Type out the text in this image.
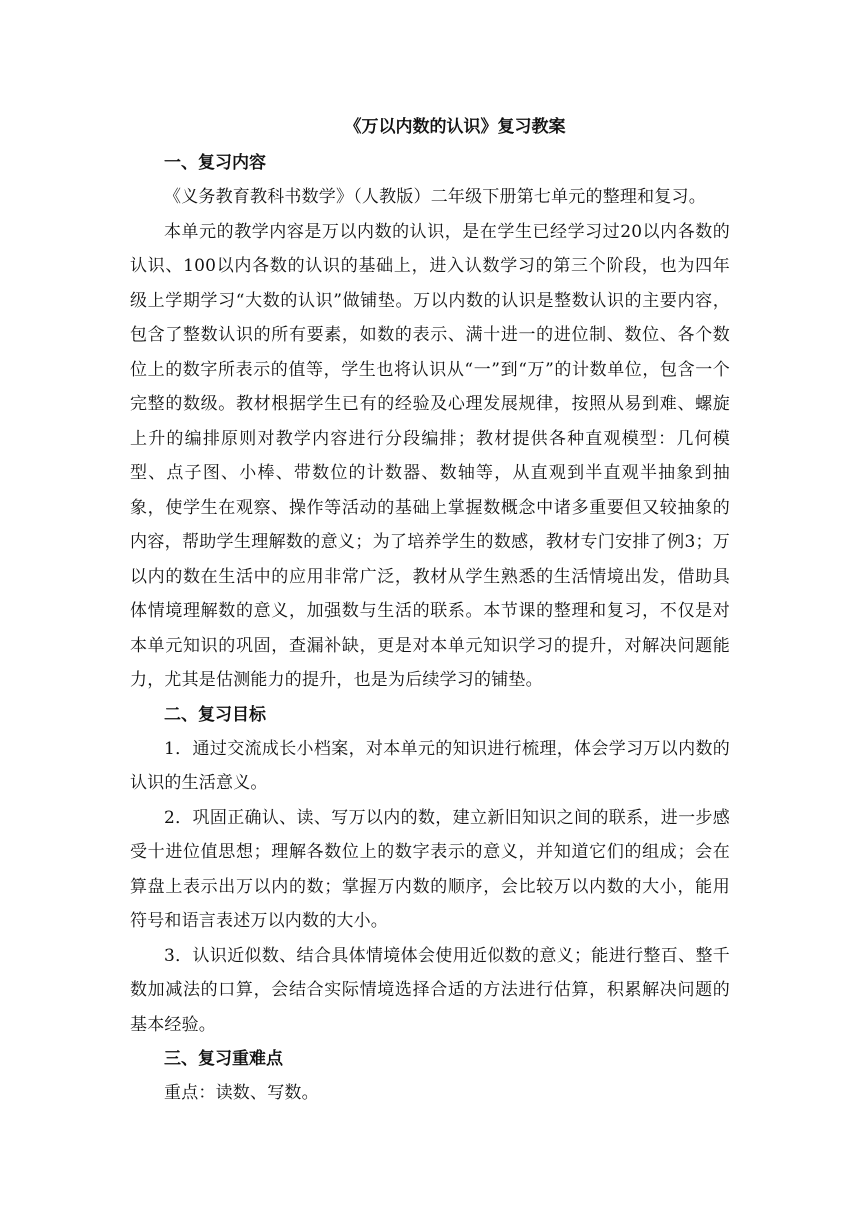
《万以内数的认识》复习教案
一、复习内容

《义务教育教科书数学》（人教版）二年级下册第七单元的整理和复习。

本单元的教学内容是万以内数的认识，是在学生已经学习过20以内各数的认识、100以内各数的认识的基础上，进入认数学习的第三个阶段，也为四年级上学期学习“大数的认识”做铺垫。万以内数的认识是整数认识的主要内容，包含了整数认识的所有要素，如数的表示、满十进一的进位制、数位、各个数位上的数字所表示的值等，学生也将认识从“一”到“万”的计数单位，包含一个完整的数级。教材根据学生已有的经验及心理发展规律，按照从易到难、螺旋上升的编排原则对教学内容进行分段编排；教材提供各种直观模型：几何模型、点子图、小棒、带数位的计数器、数轴等，从直观到半直观半抽象到抽象，使学生在观察、操作等活动的基础上掌握数概念中诸多重要但又较抽象的内容，帮助学生理解数的意义；为了培养学生的数感，教材专门安排了例3；万以内的数在生活中的应用非常广泛，教材从学生熟悉的生活情境出发，借助具体情境理解数的意义，加强数与生活的联系。本节课的整理和复习，不仅是对本单元知识的巩固，查漏补缺，更是对本单元知识学习的提升，对解决问题能力，尤其是估测能力的提升，也是为后续学习的铺垫。

二、复习目标

1．通过交流成长小档案，对本单元的知识进行梳理，体会学习万以内数的认识的生活意义。

2．巩固正确认、读、写万以内的数，建立新旧知识之间的联系，进一步感受十进位值思想；理解各数位上的数字表示的意义，并知道它们的组成；会在算盘上表示出万以内的数；掌握万内数的顺序，会比较万以内数的大小，能用符号和语言表述万以内数的大小。

3．认识近似数、结合具体情境体会使用近似数的意义；能进行整百、整千数加减法的口算，会结合实际情境选择合适的方法进行估算，积累解决问题的基本经验。

三、复习重难点

重点：读数、写数。
